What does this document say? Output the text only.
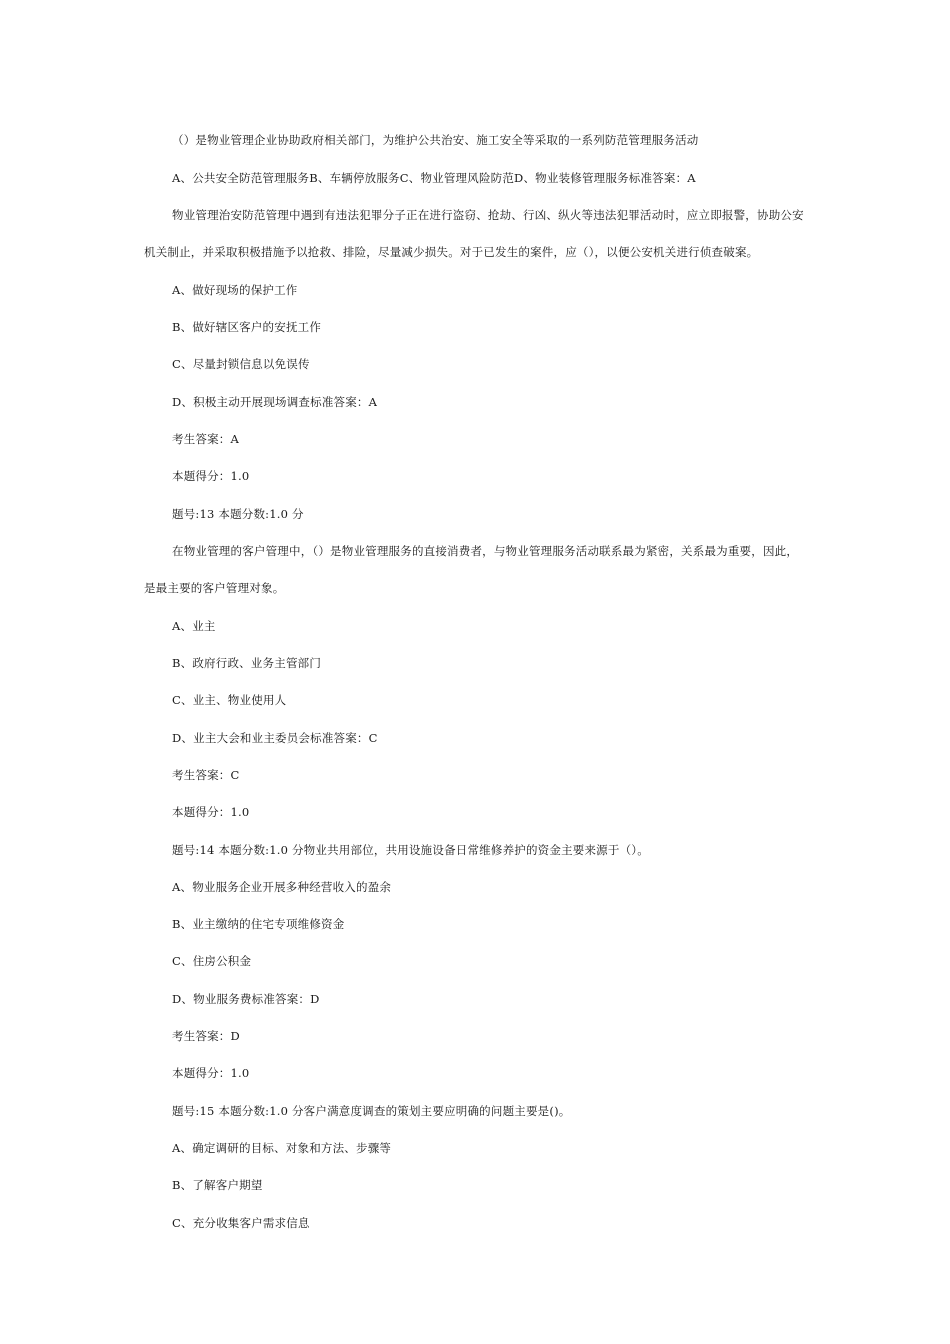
（）是物业管理企业协助政府相关部门，为维护公共治安、施工安全等采取的一系列防范管理服务活动
A、公共安全防范管理服务B、车辆停放服务C、物业管理风险防范D、物业装修管理服务标准答案：A
物业管理治安防范管理中遇到有违法犯罪分子正在进行盗窃、抢劫、行凶、纵火等违法犯罪活动时，应立即报警，协助公安
机关制止，并采取积极措施予以抢救、排险，尽量减少损失。对于已发生的案件，应（），以便公安机关进行侦查破案。
A、做好现场的保护工作
B、做好辖区客户的安抚工作
C、尽量封锁信息以免误传
D、积极主动开展现场调查标准答案：A
考生答案：A
本题得分：1.0
题号:13 本题分数:1.0 分
在物业管理的客户管理中，（）是物业管理服务的直接消费者，与物业管理服务活动联系最为紧密，关系最为重要，因此，
是最主要的客户管理对象。
A、业主
B、政府行政、业务主管部门
C、业主、物业使用人
D、业主大会和业主委员会标准答案：C
考生答案：C
本题得分：1.0
题号:14 本题分数:1.0 分物业共用部位，共用设施设备日常维修养护的资金主要来源于（）。
A、物业服务企业开展多种经营收入的盈余
B、业主缴纳的住宅专项维修资金
C、住房公积金
D、物业服务费标准答案：D
考生答案：D
本题得分：1.0
题号:15 本题分数:1.0 分客户满意度调查的策划主要应明确的问题主要是()。
A、确定调研的目标、对象和方法、步骤等
B、了解客户期望
C、充分收集客户需求信息
